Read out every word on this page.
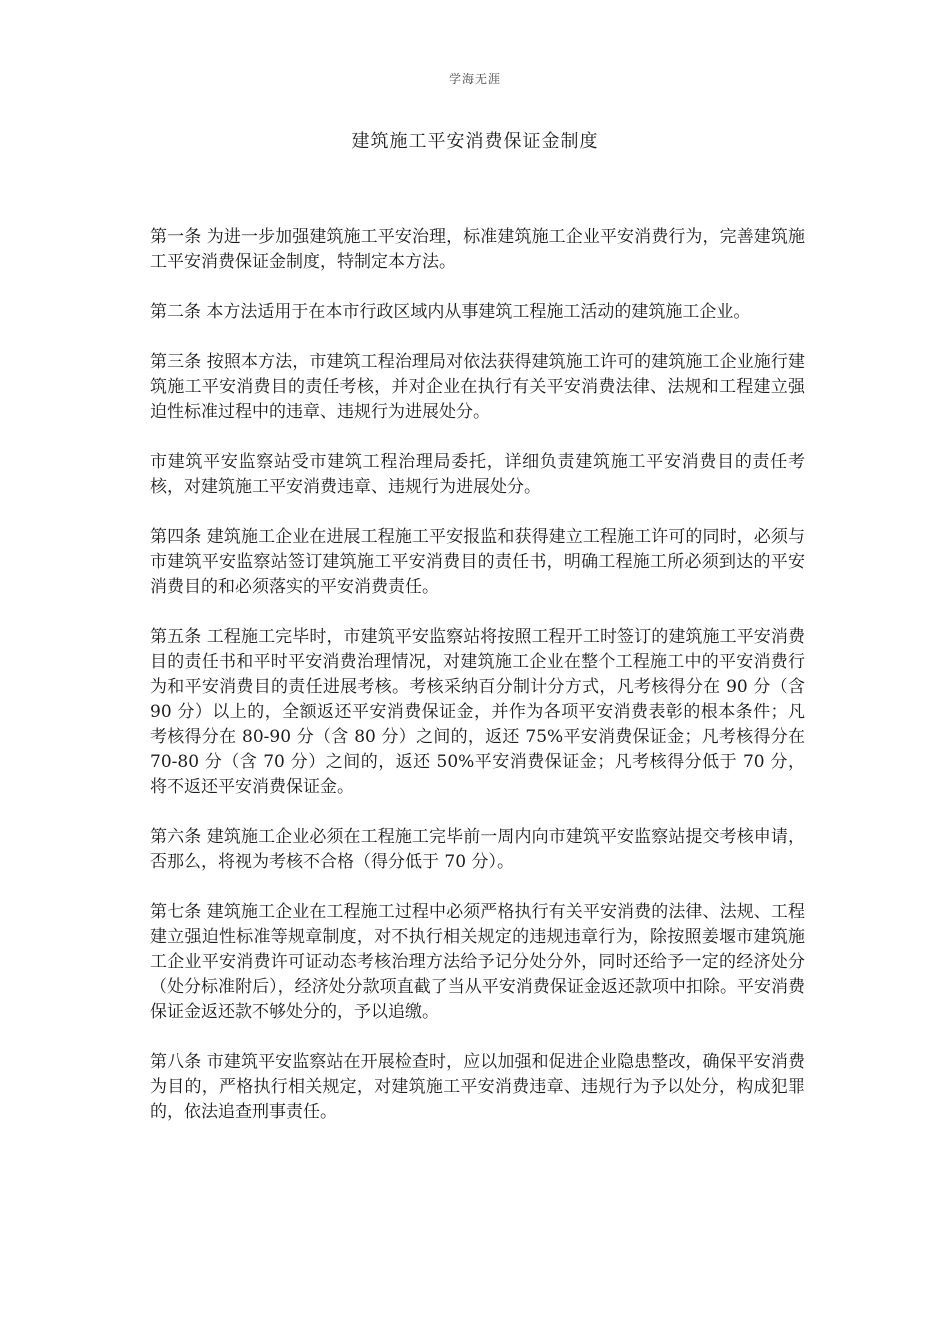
学海无涯
建筑施工平安消费保证金制度

第一条 为进一步加强建筑施工平安治理，标准建筑施工企业平安消费行为，完善建筑施工平安消费保证金制度，特制定本方法。

第二条 本方法适用于在本市行政区域内从事建筑工程施工活动的建筑施工企业。

第三条 按照本方法，市建筑工程治理局对依法获得建筑施工许可的建筑施工企业施行建筑施工平安消费目的责任考核，并对企业在执行有关平安消费法律、法规和工程建立强迫性标准过程中的违章、违规行为进展处分。

市建筑平安监察站受市建筑工程治理局委托，详细负责建筑施工平安消费目的责任考核，对建筑施工平安消费违章、违规行为进展处分。

第四条 建筑施工企业在进展工程施工平安报监和获得建立工程施工许可的同时，必须与市建筑平安监察站签订建筑施工平安消费目的责任书，明确工程施工所必须到达的平安消费目的和必须落实的平安消费责任。

第五条 工程施工完毕时，市建筑平安监察站将按照工程开工时签订的建筑施工平安消费目的责任书和平时平安消费治理情况，对建筑施工企业在整个工程施工中的平安消费行为和平安消费目的责任进展考核。考核采纳百分制计分方式，凡考核得分在 90 分（含 90 分）以上的，全额返还平安消费保证金，并作为各项平安消费表彰的根本条件；凡考核得分在 80-90 分（含 80 分）之间的，返还 75%平安消费保证金；凡考核得分在 70-80 分（含 70 分）之间的，返还 50%平安消费保证金；凡考核得分低于 70 分，将不返还平安消费保证金。

第六条 建筑施工企业必须在工程施工完毕前一周内向市建筑平安监察站提交考核申请，否那么，将视为考核不合格（得分低于 70 分）。

第七条 建筑施工企业在工程施工过程中必须严格执行有关平安消费的法律、法规、工程建立强迫性标准等规章制度，对不执行相关规定的违规违章行为，除按照姜堰市建筑施工企业平安消费许可证动态考核治理方法给予记分处分外，同时还给予一定的经济处分（处分标准附后），经济处分款项直截了当从平安消费保证金返还款项中扣除。平安消费保证金返还款不够处分的，予以追缴。

第八条 市建筑平安监察站在开展检查时，应以加强和促进企业隐患整改，确保平安消费为目的，严格执行相关规定，对建筑施工平安消费违章、违规行为予以处分，构成犯罪的，依法追查刑事责任。
